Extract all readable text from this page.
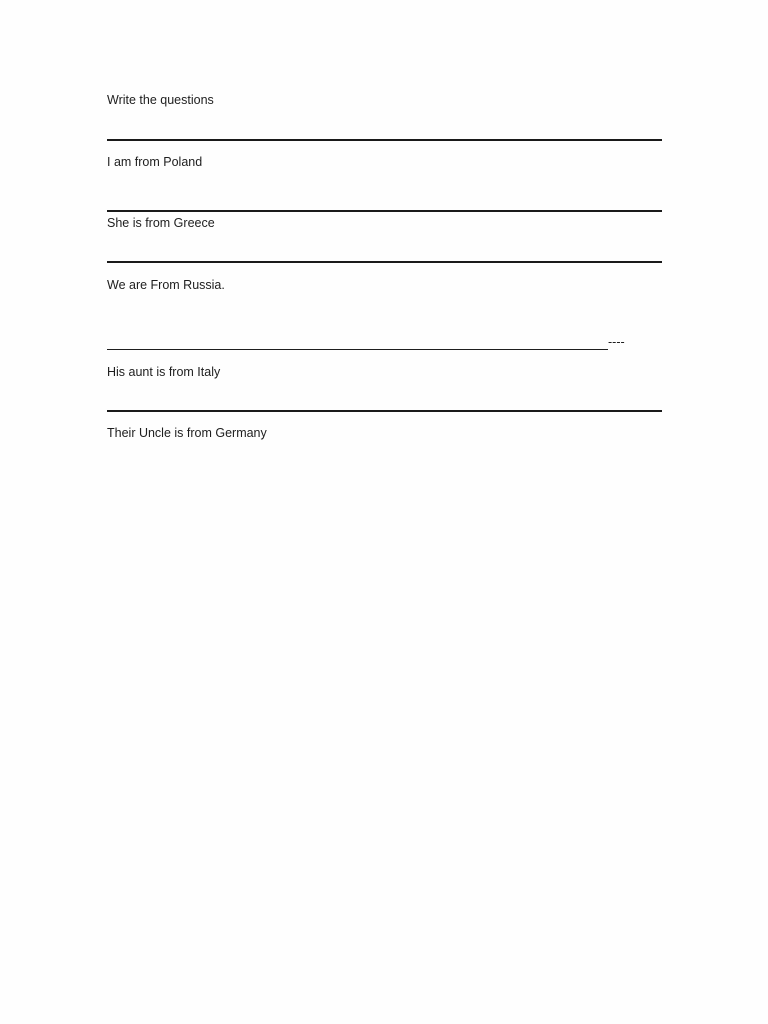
Write the questions
I am from Poland
She is from Greece
We are From Russia.
----
His aunt is from Italy
Their Uncle is from Germany
